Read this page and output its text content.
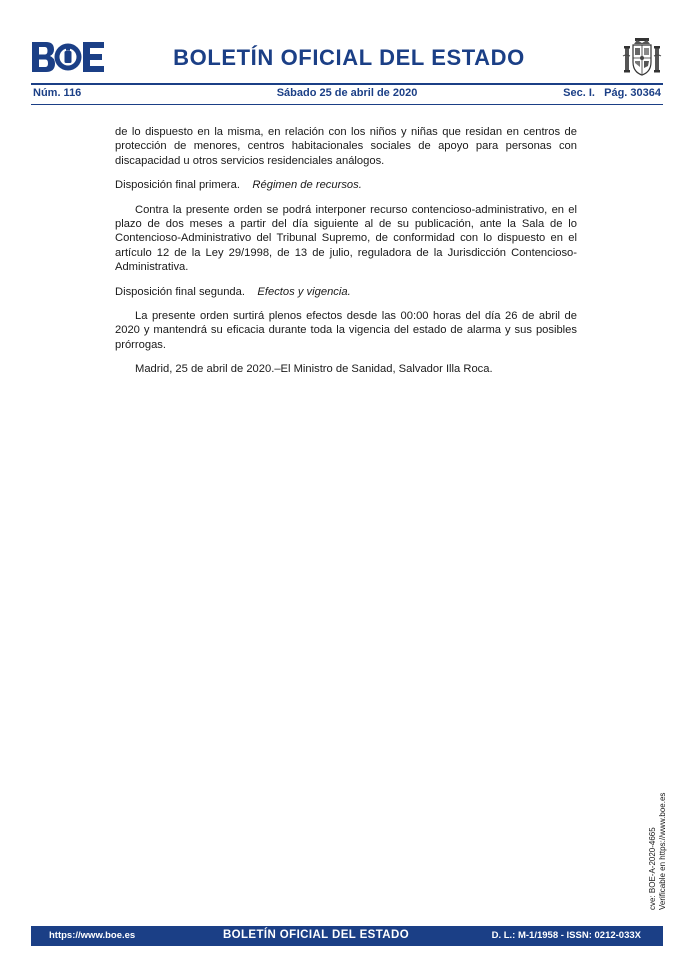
BOLETÍN OFICIAL DEL ESTADO
Núm. 116	Sábado 25 de abril de 2020	Sec. I.   Pág. 30364

de lo dispuesto en la misma, en relación con los niños y niñas que residan en centros de protección de menores, centros habitacionales sociales de apoyo para personas con discapacidad u otros servicios residenciales análogos.

Disposición final primera. Régimen de recursos.

Contra la presente orden se podrá interponer recurso contencioso-administrativo, en el plazo de dos meses a partir del día siguiente al de su publicación, ante la Sala de lo Contencioso-Administrativo del Tribunal Supremo, de conformidad con lo dispuesto en el artículo 12 de la Ley 29/1998, de 13 de julio, reguladora de la Jurisdicción Contencioso-Administrativa.

Disposición final segunda. Efectos y vigencia.

La presente orden surtirá plenos efectos desde las 00:00 horas del día 26 de abril de 2020 y mantendrá su eficacia durante toda la vigencia del estado de alarma y sus posibles prórrogas.

Madrid, 25 de abril de 2020.–El Ministro de Sanidad, Salvador Illa Roca.

cve: BOE-A-2020-4665 Verificable en https://www.boe.es
https://www.boe.es	BOLETÍN OFICIAL DEL ESTADO	D. L.: M-1/1958 - ISSN: 0212-033X
